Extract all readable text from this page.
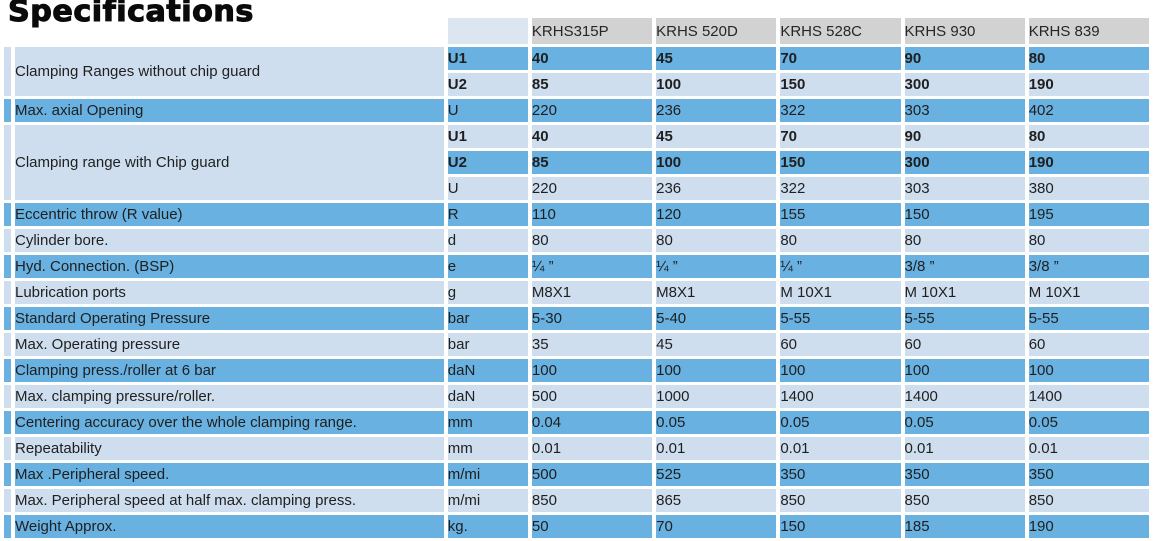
Specifications
			KRHS315P	KRHS 520D	KRHS 528C	KRHS 930	KRHS 839
	Clamping Ranges without chip guard	U1	40	45	70	90	80
		U2	85	100	150	300	190
	Max. axial Opening	U	220	236	322	303	402
	Clamping range with Chip guard	U1	40	45	70	90	80
		U2	85	100	150	300	190
		U	220	236	322	303	380
	Eccentric throw (R value)	R	110	120	155	150	195
	Cylinder bore.	d	80	80	80	80	80
	Hyd. Connection. (BSP)	e	¼ ”	¼ ”	¼ ”	3/8 ”	3/8 ”
	Lubrication ports	g	M8X1	M8X1	M 10X1	M 10X1	M 10X1
	Standard Operating Pressure	bar	5-30	5-40	5-55	5-55	5-55
	Max. Operating pressure	bar	35	45	60	60	60
	Clamping press./roller at 6 bar	daN	100	100	100	100	100
	Max. clamping pressure/roller.	daN	500	1000	1400	1400	1400
	Centering accuracy over the whole clamping range.	mm	0.04	0.05	0.05	0.05	0.05
	Repeatability	mm	0.01	0.01	0.01	0.01	0.01
	Max .Peripheral speed.	m/mi	500	525	350	350	350
	Max. Peripheral speed at half max. clamping press.	m/mi	850	865	850	850	850
	Weight Approx.	kg.	50	70	150	185	190
